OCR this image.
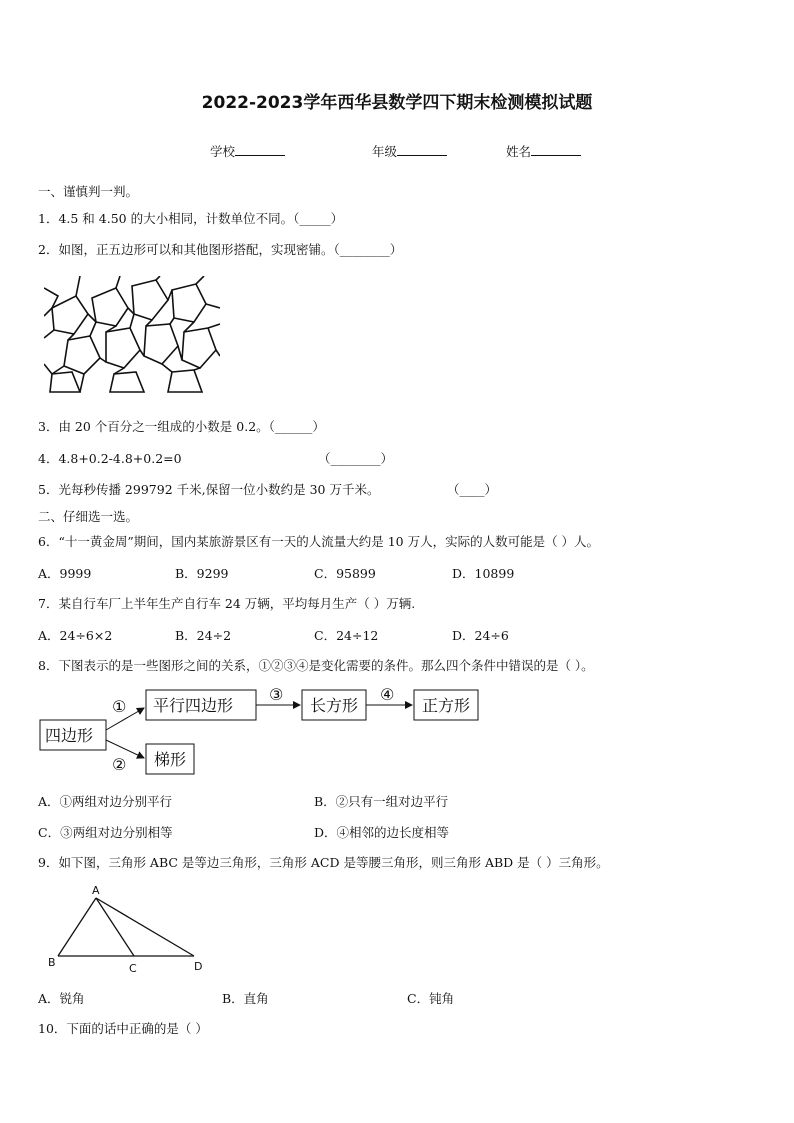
2022-2023学年西华县数学四下期末检测模拟试题
学校	年级	姓名
一、谨慎判一判。
1．4.5 和 4.50 的大小相同，计数单位不同。（_____）
2．如图，正五边形可以和其他图形搭配，实现密铺。（________）
3．由 20 个百分之一组成的小数是 0.2。（______）
4．4.8+0.2-4.8+0.2=0	（________）
5．光每秒传播 299792 千米,保留一位小数约是 30 万千米。	（____）
二、仔细选一选。
6．“十一黄金周”期间，国内某旅游景区有一天的人流量大约是 10 万人，实际的人数可能是（ ）人。
A．9999	B．9299	C．95899	D．10899
7．某自行车厂上半年生产自行车 24 万辆，平均每月生产（ ）万辆.
A．24÷6×2	B．24÷2	C．24÷12	D．24÷6
8．下图表示的是一些图形之间的关系，①②③④是变化需要的条件。那么四个条件中错误的是（ ）。
四边形
平行四边形	长方形	正方形
梯形
①
②
③	④
A．①两组对边分别平行	B．②只有一组对边平行
C．③两组对边分别相等	D．④相邻的边长度相等
9．如下图，三角形 ABC 是等边三角形，三角形 ACD 是等腰三角形，则三角形 ABD 是（ ）三角形。
A
B	C	D
A．锐角	B．直角	C．钝角
10．下面的话中正确的是（ ）
